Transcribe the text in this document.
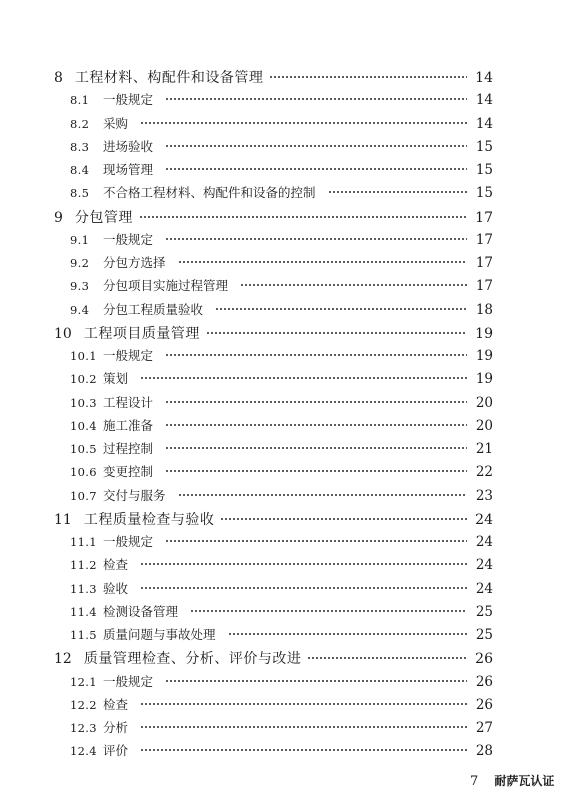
8 工程材料、构配件和设备管理	14
8.1	一般规定	14
8.2	采购	14
8.3	进场验收	15
8.4	现场管理	15
8.5	不合格工程材料、构配件和设备的控制	15
9 分包管理	17
9.1	一般规定	17
9.2	分包方选择	17
9.3	分包项目实施过程管理	17
9.4	分包工程质量验收	18
10 工程项目质量管理	19
10.1 一般规定	19
10.2 策划	19
10.3 工程设计	20
10.4 施工准备	20
10.5 过程控制	21
10.6 变更控制	22
10.7 交付与服务	23
11 工程质量检查与验收	24
11.1 一般规定	24
11.2 检查	24
11.3 验收	24
11.4 检测设备管理	25
11.5 质量问题与事故处理	25
12 质量管理检查、分析、评价与改进	26
12.1 一般规定	26
12.2 检查	26
12.3 分析	27
12.4 评价	28
7 耐萨瓦认证
